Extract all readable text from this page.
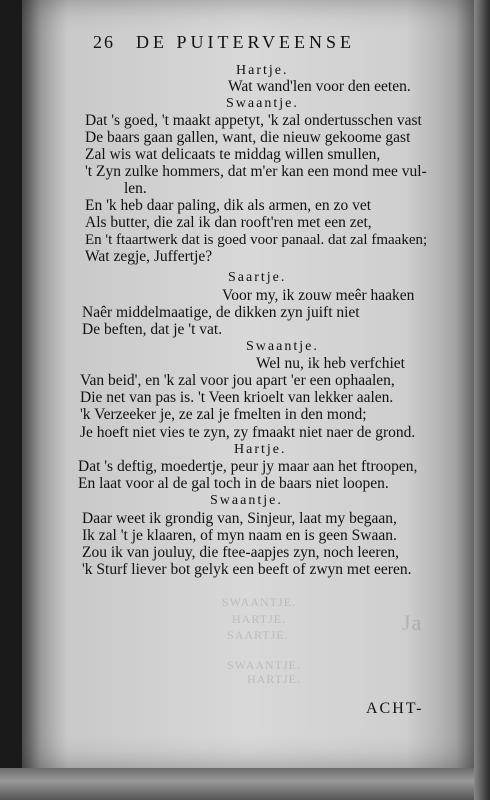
SWAANTJE.
HARTJE.
SAARTJE.
SWAANTJE.
HARTJE.
Ja
26 DE PUITERVEENSE
Hartje.
Wat wand'len voor den eeten.
Swaantje.
Dat 's goed, 't maakt appetyt, 'k zal ondertusschen vast
De baars gaan gallen, want, die nieuw gekoome gast
Zal wis wat delicaats te middag willen smullen,
't Zyn zulke hommers, dat m'er kan een mond mee vul-
len.
En 'k heb daar paling, dik als armen, en zo vet
Als butter, die zal ik dan rooft'ren met een zet,
En 't ftaartwerk dat is goed voor panaal. dat zal fmaaken;
Wat zegje, Juffertje?
Saartje.
Voor my, ik zouw meêr haaken
Naêr middelmaatige, de dikken zyn juift niet
De beften, dat je 't vat.
Swaantje.
Wel nu, ik heb verfchiet
Van beid', en 'k zal voor jou apart 'er een ophaalen,
Die net van pas is. 't Veen krioelt van lekker aalen.
'k Verzeeker je, ze zal je fmelten in den mond;
Je hoeft niet vies te zyn, zy fmaakt niet naer de grond.
Hartje.
Dat 's deftig, moedertje, peur jy maar aan het ftroopen,
En laat voor al de gal toch in de baars niet loopen.
Swaantje.
Daar weet ik grondig van, Sinjeur, laat my begaan,
Ik zal 't je klaaren, of myn naam en is geen Swaan.
Zou ik van jouluy, die ftee-aapjes zyn, noch leeren,
'k Sturf liever bot gelyk een beeft of zwyn met eeren.
ACHT-
